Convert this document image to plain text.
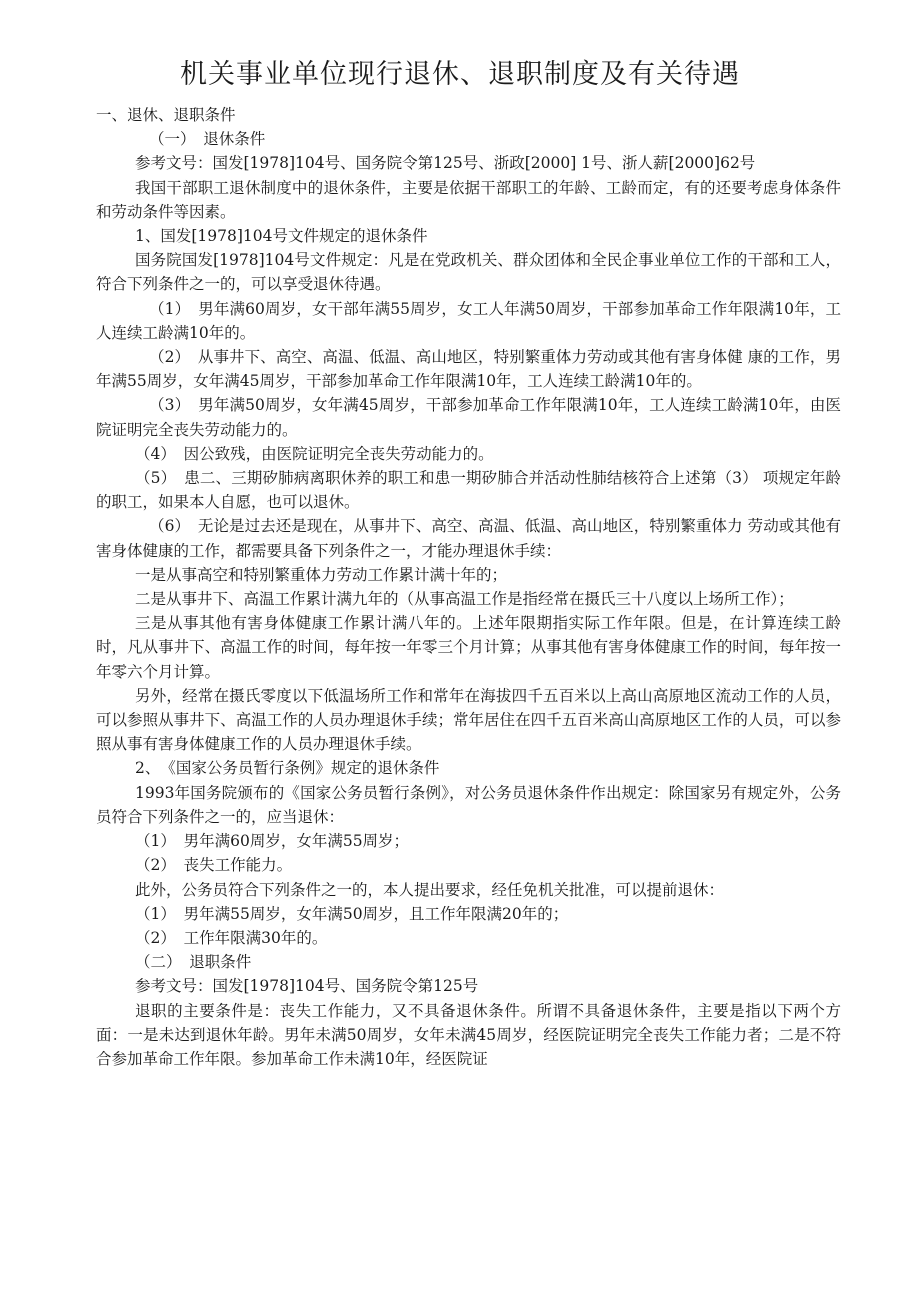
机关事业单位现行退休、退职制度及有关待遇

一、退休、退职条件

（一）　退休条件

参考文号：国发[1978]104号、国务院令第125号、浙政[2000] 1号、浙人薪[2000]62号

我国干部职工退休制度中的退休条件，主要是依据干部职工的年龄、工龄而定，有的还要考虑身体条件和劳动条件等因素。

1、国发[1978]104号文件规定的退休条件

国务院国发[1978]104号文件规定：凡是在党政机关、群众团体和全民企事业单位工作的干部和工人，符合下列条件之一的，可以享受退休待遇。

（1）　男年满60周岁，女干部年满55周岁，女工人年满50周岁，干部参加革命工作年限满10年，工人连续工龄满10年的。

（2）　从事井下、高空、高温、低温、高山地区，特别繁重体力劳动或其他有害身体健 康的工作，男年满55周岁，女年满45周岁，干部参加革命工作年限满10年，工人连续工龄满10年的。

（3）　男年满50周岁，女年满45周岁，干部参加革命工作年限满10年，工人连续工龄满10年，由医院证明完全丧失劳动能力的。

（4）　因公致残，由医院证明完全丧失劳动能力的。

（5）　患二、三期矽肺病离职休养的职工和患一期矽肺合并活动性肺结核符合上述第（3） 项规定年龄的职工，如果本人自愿，也可以退休。

（6）　无论是过去还是现在，从事井下、高空、高温、低温、高山地区，特别繁重体力 劳动或其他有害身体健康的工作，都需要具备下列条件之一，才能办理退休手续：

一是从事高空和特别繁重体力劳动工作累计满十年的；

二是从事井下、高温工作累计满九年的（从事高温工作是指经常在摄氏三十八度以上场所工作）；

三是从事其他有害身体健康工作累计满八年的。上述年限期指实际工作年限。但是，在计算连续工龄时，凡从事井下、高温工作的时间，每年按一年零三个月计算；从事其他有害身体健康工作的时间，每年按一年零六个月计算。

另外，经常在摄氏零度以下低温场所工作和常年在海拔四千五百米以上高山高原地区流动工作的人员，可以参照从事井下、高温工作的人员办理退休手续；常年居住在四千五百米高山高原地区工作的人员，可以参照从事有害身体健康工作的人员办理退休手续。

2、　《国家公务员暂行条例》规定的退休条件

1993年国务院颁布的《国家公务员暂行条例》，对公务员退休条件作出规定：除国家另有规定外，公务员符合下列条件之一的，应当退休：

（1）　男年满60周岁，女年满55周岁；

（2）　丧失工作能力。

此外，公务员符合下列条件之一的，本人提出要求，经任免机关批准，可以提前退休：

（1）　男年满55周岁，女年满50周岁，且工作年限满20年的；

（2）　工作年限满30年的。

（二）　退职条件

参考文号：国发[1978]104号、国务院令第125号

退职的主要条件是：丧失工作能力，又不具备退休条件。所谓不具备退休条件，主要是指以下两个方面：一是未达到退休年龄。男年未满50周岁，女年未满45周岁，经医院证明完全丧失工作能力者；二是不符合参加革命工作年限。参加革命工作未满10年，经医院证
